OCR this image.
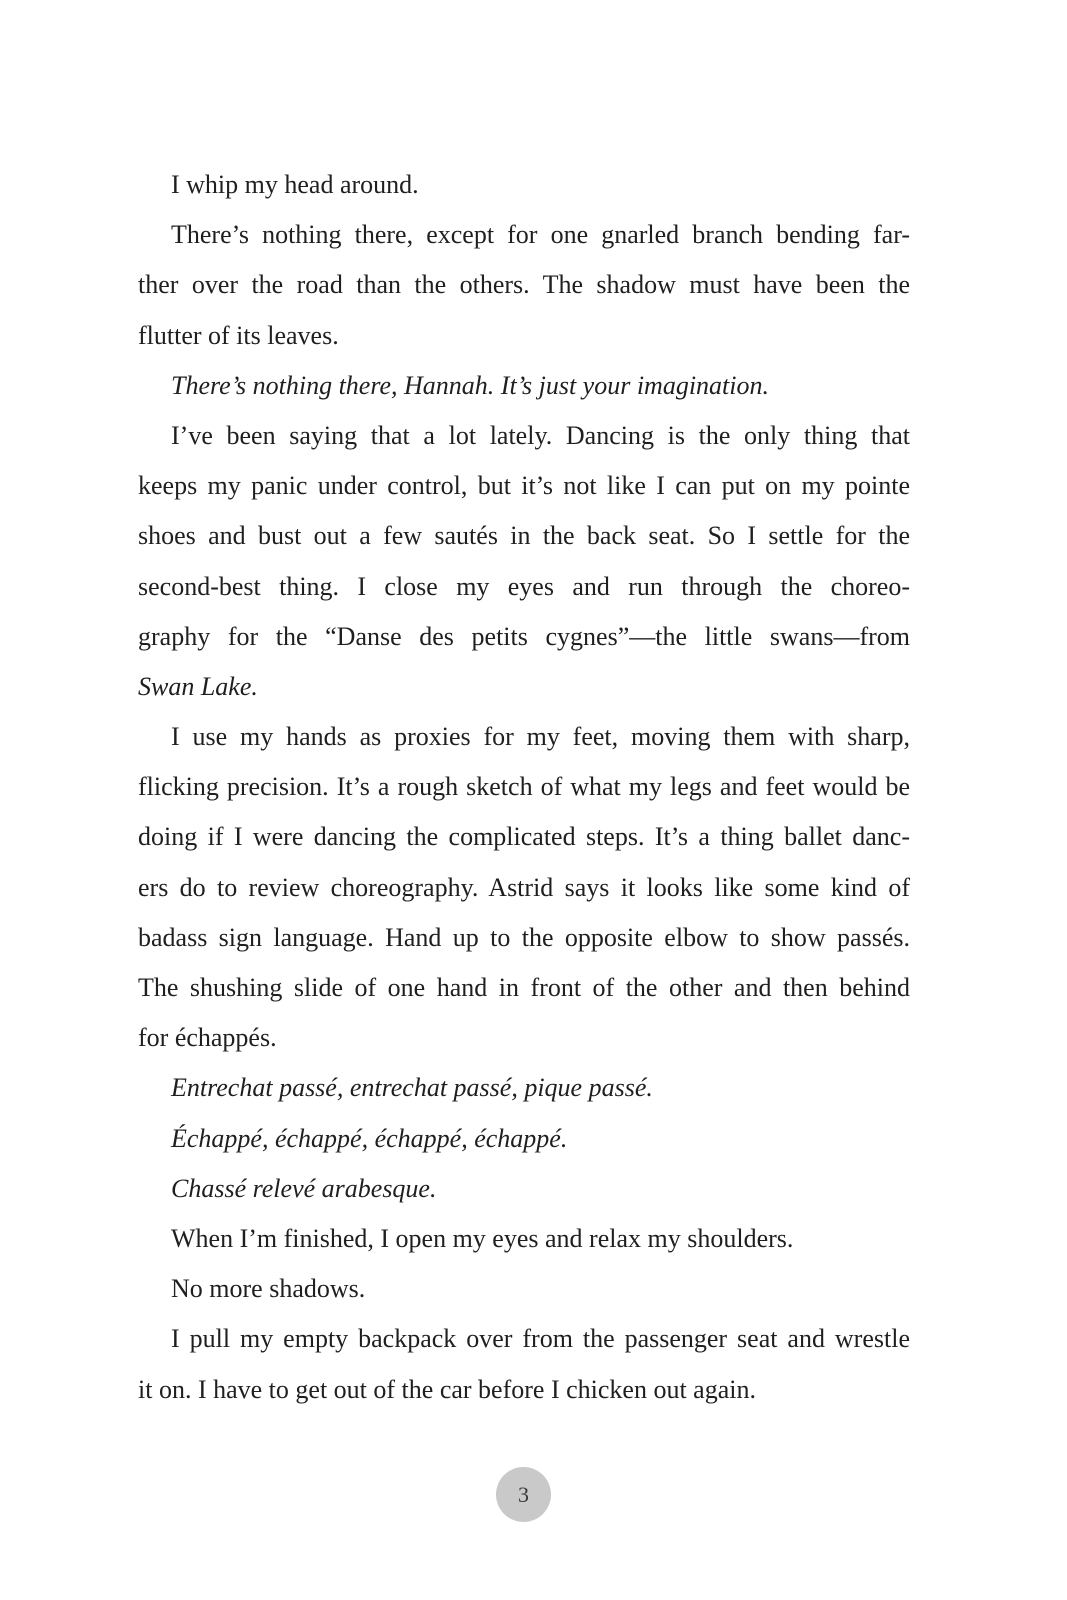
I whip my head around.
There’s nothing there, except for one gnarled branch bending far-
ther over the road than the others. The shadow must have been the
flutter of its leaves.
There’s nothing there, Hannah. It’s just your imagination.
I’ve been saying that a lot lately. Dancing is the only thing that
keeps my panic under control, but it’s not like I can put on my pointe
shoes and bust out a few sautés in the back seat. So I settle for the
second-best thing. I close my eyes and run through the choreo-
graphy for the “Danse des petits cygnes”—the little swans—from
Swan Lake.
I use my hands as proxies for my feet, moving them with sharp,
flicking precision. It’s a rough sketch of what my legs and feet would be
doing if I were dancing the complicated steps. It’s a thing ballet danc-
ers do to review choreography. Astrid says it looks like some kind of
badass sign language. Hand up to the opposite elbow to show passés.
The shushing slide of one hand in front of the other and then behind
for échappés.
Entrechat passé, entrechat passé, pique passé.
Échappé, échappé, échappé, échappé.
Chassé relevé arabesque.
When I’m finished, I open my eyes and relax my shoulders.
No more shadows.
I pull my empty backpack over from the passenger seat and wrestle
it on. I have to get out of the car before I chicken out again.
3
